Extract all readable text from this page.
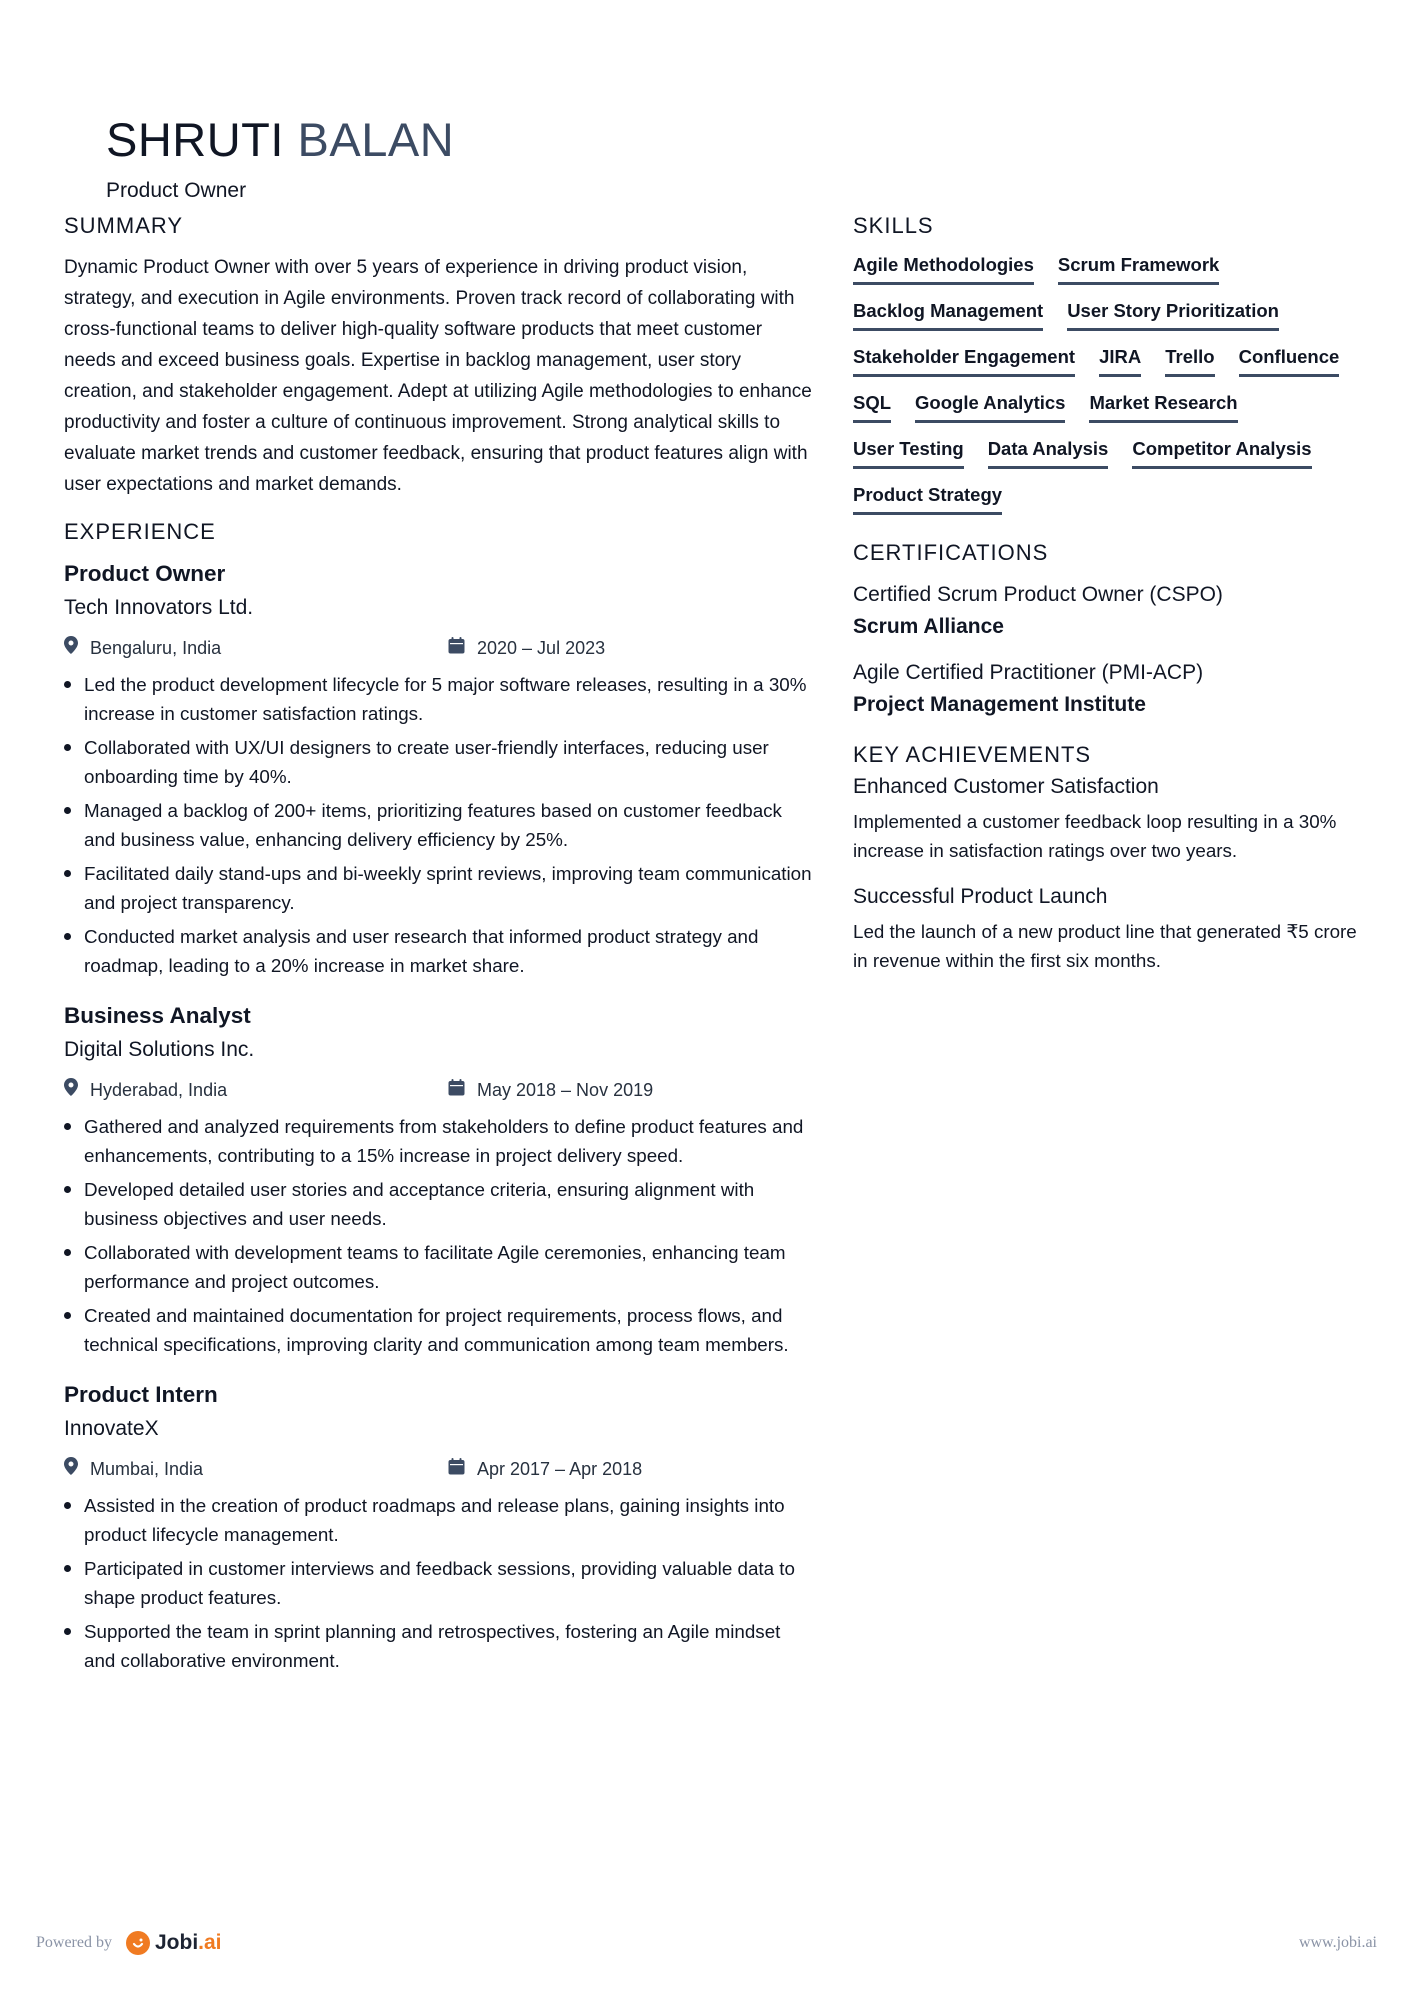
SHRUTI BALAN
Product Owner
SUMMARY

Dynamic Product Owner with over 5 years of experience in driving product vision, strategy, and execution in Agile environments. Proven track record of collaborating with cross-functional teams to deliver high-quality software products that meet customer needs and exceed business goals. Expertise in backlog management, user story creation, and stakeholder engagement. Adept at utilizing Agile methodologies to enhance productivity and foster a culture of continuous improvement. Strong analytical skills to evaluate market trends and customer feedback, ensuring that product features align with user expectations and market demands.

EXPERIENCE
Product Owner
Tech Innovators Ltd.
Bengaluru, India	2020 – Jul 2023
Led the product development lifecycle for 5 major software releases, resulting in a 30% increase in customer satisfaction ratings.
Collaborated with UX/UI designers to create user-friendly interfaces, reducing user onboarding time by 40%.
Managed a backlog of 200+ items, prioritizing features based on customer feedback and business value, enhancing delivery efficiency by 25%.
Facilitated daily stand-ups and bi-weekly sprint reviews, improving team communication and project transparency.
Conducted market analysis and user research that informed product strategy and roadmap, leading to a 20% increase in market share.
Business Analyst
Digital Solutions Inc.
Hyderabad, India	May 2018 – Nov 2019
Gathered and analyzed requirements from stakeholders to define product features and enhancements, contributing to a 15% increase in project delivery speed.
Developed detailed user stories and acceptance criteria, ensuring alignment with business objectives and user needs.
Collaborated with development teams to facilitate Agile ceremonies, enhancing team performance and project outcomes.
Created and maintained documentation for project requirements, process flows, and technical specifications, improving clarity and communication among team members.
Product Intern
InnovateX
Mumbai, India	Apr 2017 – Apr 2018
Assisted in the creation of product roadmaps and release plans, gaining insights into product lifecycle management.
Participated in customer interviews and feedback sessions, providing valuable data to shape product features.
Supported the team in sprint planning and retrospectives, fostering an Agile mindset and collaborative environment.
SKILLS
Agile Methodologies Scrum Framework
Backlog Management User Story Prioritization
Stakeholder Engagement JIRA Trello Confluence
SQL Google Analytics Market Research
User Testing Data Analysis Competitor Analysis
Product Strategy
CERTIFICATIONS
Certified Scrum Product Owner (CSPO)
Scrum Alliance
Agile Certified Practitioner (PMI-ACP)
Project Management Institute
KEY ACHIEVEMENTS
Enhanced Customer Satisfaction
Implemented a customer feedback loop resulting in a 30% increase in satisfaction ratings over two years.
Successful Product Launch
Led the launch of a new product line that generated ₹5 crore in revenue within the first six months.
Powered by Jobi .ai	www.jobi.ai
